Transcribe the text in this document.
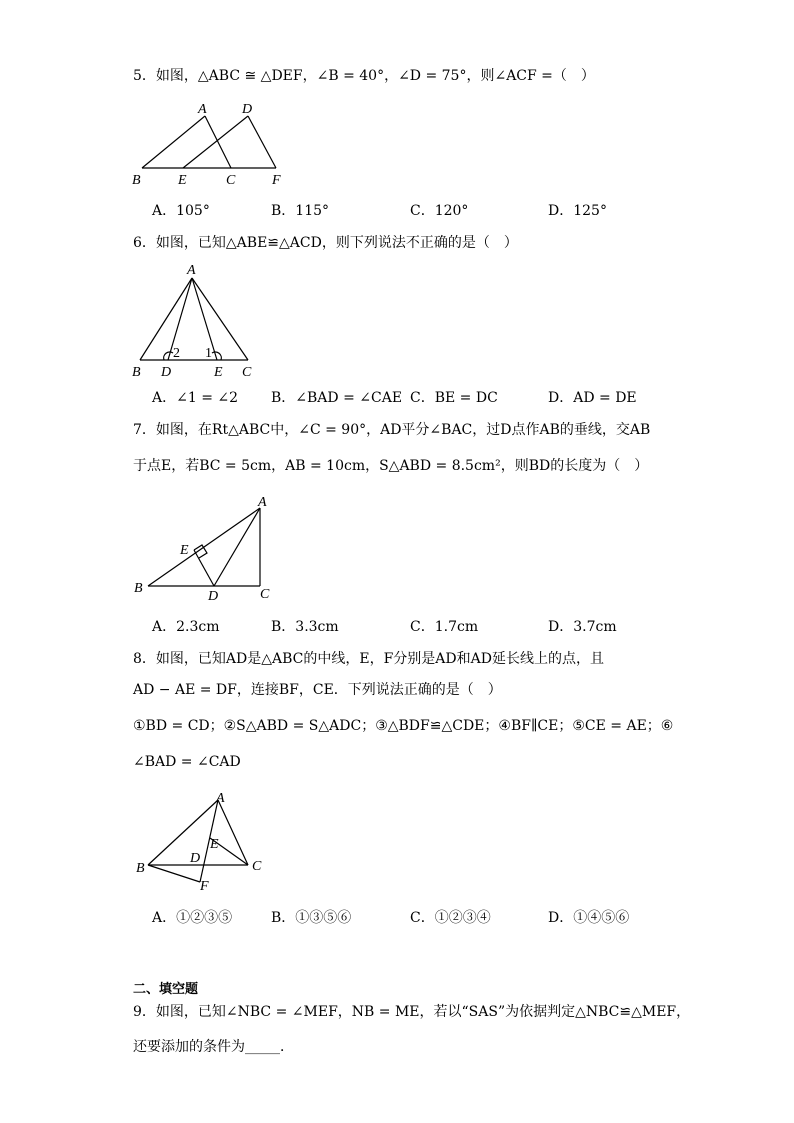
5．如图，△ABC ≅ △DEF，∠B = 40°，∠D = 75°，则∠ACF =（　）
A	D
B	E	C	F
A．105°	B．115°	C．120°	D．125°
6．如图，已知△ABE≌△ACD，则下列说法不正确的是（　）
A
B D	E C
2 1
A．∠1 = ∠2 B．∠BAD = ∠CAE C．BE = DC	D．AD = DE
7．如图，在Rt△ABC中，∠C = 90°，AD平分∠BAC，过D点作AB的垂线，交AB
于点E，若BC = 5cm，AB = 10cm，S△ABD = 8.5cm²，则BD的长度为（　）
A
E
B
D	C
A．2.3cm	B．3.3cm	C．1.7cm	D．3.7cm
8．如图，已知AD是△ABC的中线，E，F分别是AD和AD延长线上的点，且
AD − AE = DF，连接BF，CE．下列说法正确的是（　）
①BD = CD；②S△ABD = S△ADC；③△BDF≌△CDE；④BF∥CE；⑤CE = AE；⑥
∠BAD = ∠CAD
A
E
D
B	C
F
A．①②③⑤	B．①③⑤⑥	C．①②③④	D．①④⑤⑥
二、填空题
9．如图，已知∠NBC = ∠MEF，NB = ME，若以“SAS”为依据判定△NBC≌△MEF，
还要添加的条件为_____．
